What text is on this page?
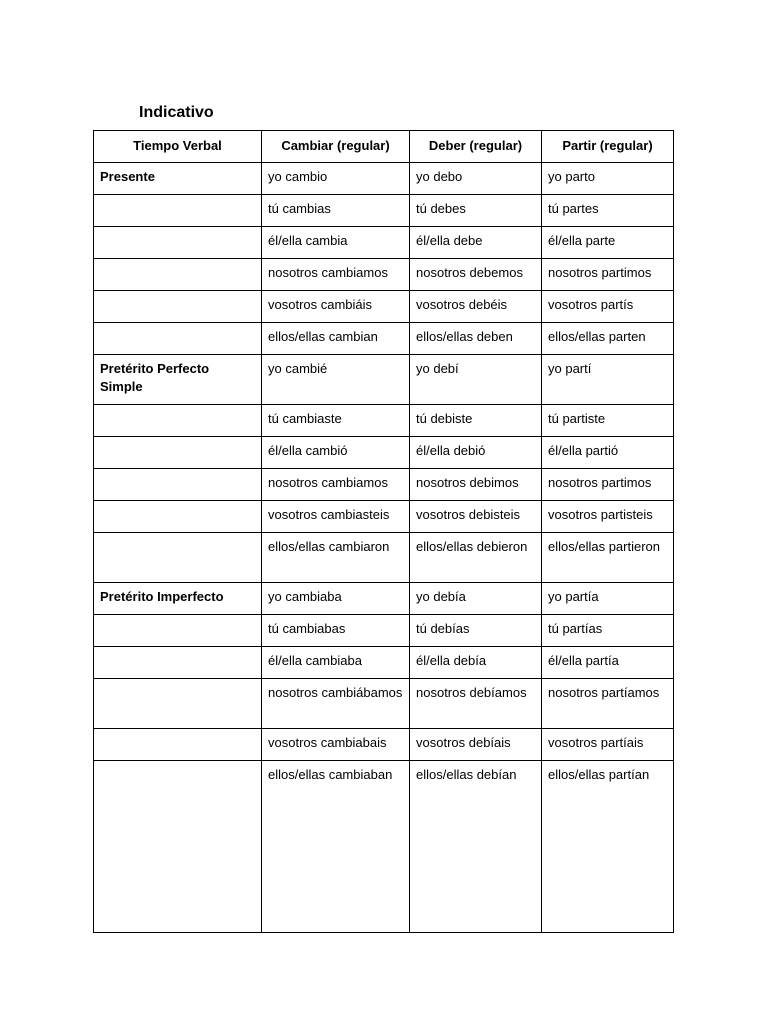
Indicativo
Tiempo Verbal	Cambiar (regular)	Deber (regular)	Partir (regular)
Presente	yo cambio	yo debo	yo parto
	tú cambias	tú debes	tú partes
	él/ella cambia	él/ella debe	él/ella parte
	nosotros cambiamos	nosotros debemos	nosotros partimos
	vosotros cambiáis	vosotros debéis	vosotros partís
	ellos/ellas cambian	ellos/ellas deben	ellos/ellas parten
Pretérito Perfecto Simple	yo cambié	yo debí	yo partí
	tú cambiaste	tú debiste	tú partiste
	él/ella cambió	él/ella debió	él/ella partió
	nosotros cambiamos	nosotros debimos	nosotros partimos
	vosotros cambiasteis	vosotros debisteis	vosotros partisteis
	ellos/ellas cambiaron	ellos/ellas debieron	ellos/ellas partieron
Pretérito Imperfecto	yo cambiaba	yo debía	yo partía
	tú cambiabas	tú debías	tú partías
	él/ella cambiaba	él/ella debía	él/ella partía
	nosotros cambiábamos	nosotros debíamos	nosotros partíamos
	vosotros cambiabais	vosotros debíais	vosotros partíais
	ellos/ellas cambiaban	ellos/ellas debían	ellos/ellas partían
